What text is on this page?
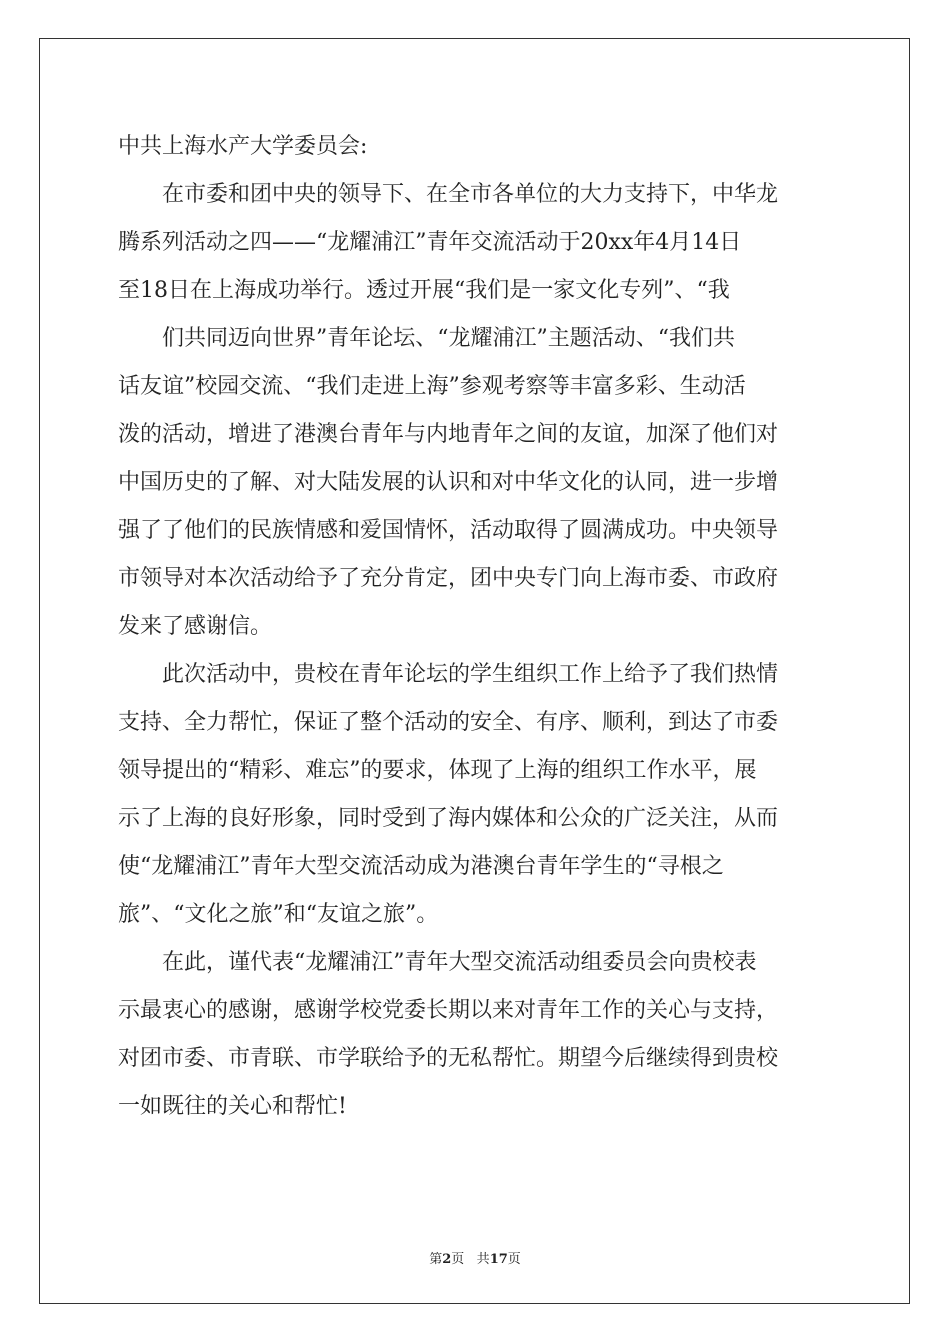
中共上海水产大学委员会:
　　在市委和团中央的领导下、在全市各单位的大力支持下，中华龙
腾系列活动之四——“龙耀浦江”青年交流活动于20xx年4月14日
至18日在上海成功举行。透过开展“我们是一家文化专列”、“我
　　们共同迈向世界”青年论坛、“龙耀浦江”主题活动、“我们共
话友谊”校园交流、“我们走进上海”参观考察等丰富多彩、生动活
泼的活动，增进了港澳台青年与内地青年之间的友谊，加深了他们对
中国历史的了解、对大陆发展的认识和对中华文化的认同，进一步增
强了了他们的民族情感和爱国情怀，活动取得了圆满成功。中央领导
市领导对本次活动给予了充分肯定，团中央专门向上海市委、市政府
发来了感谢信。
　　此次活动中，贵校在青年论坛的学生组织工作上给予了我们热情
支持、全力帮忙，保证了整个活动的安全、有序、顺利，到达了市委
领导提出的“精彩、难忘”的要求，体现了上海的组织工作水平，展
示了上海的良好形象，同时受到了海内媒体和公众的广泛关注，从而
使“龙耀浦江”青年大型交流活动成为港澳台青年学生的“寻根之
旅”、“文化之旅”和“友谊之旅”。
　　在此，谨代表“龙耀浦江”青年大型交流活动组委员会向贵校表
示最衷心的感谢，感谢学校党委长期以来对青年工作的关心与支持，
对团市委、市青联、市学联给予的无私帮忙。期望今后继续得到贵校
一如既往的关心和帮忙!
第2页 共17页
